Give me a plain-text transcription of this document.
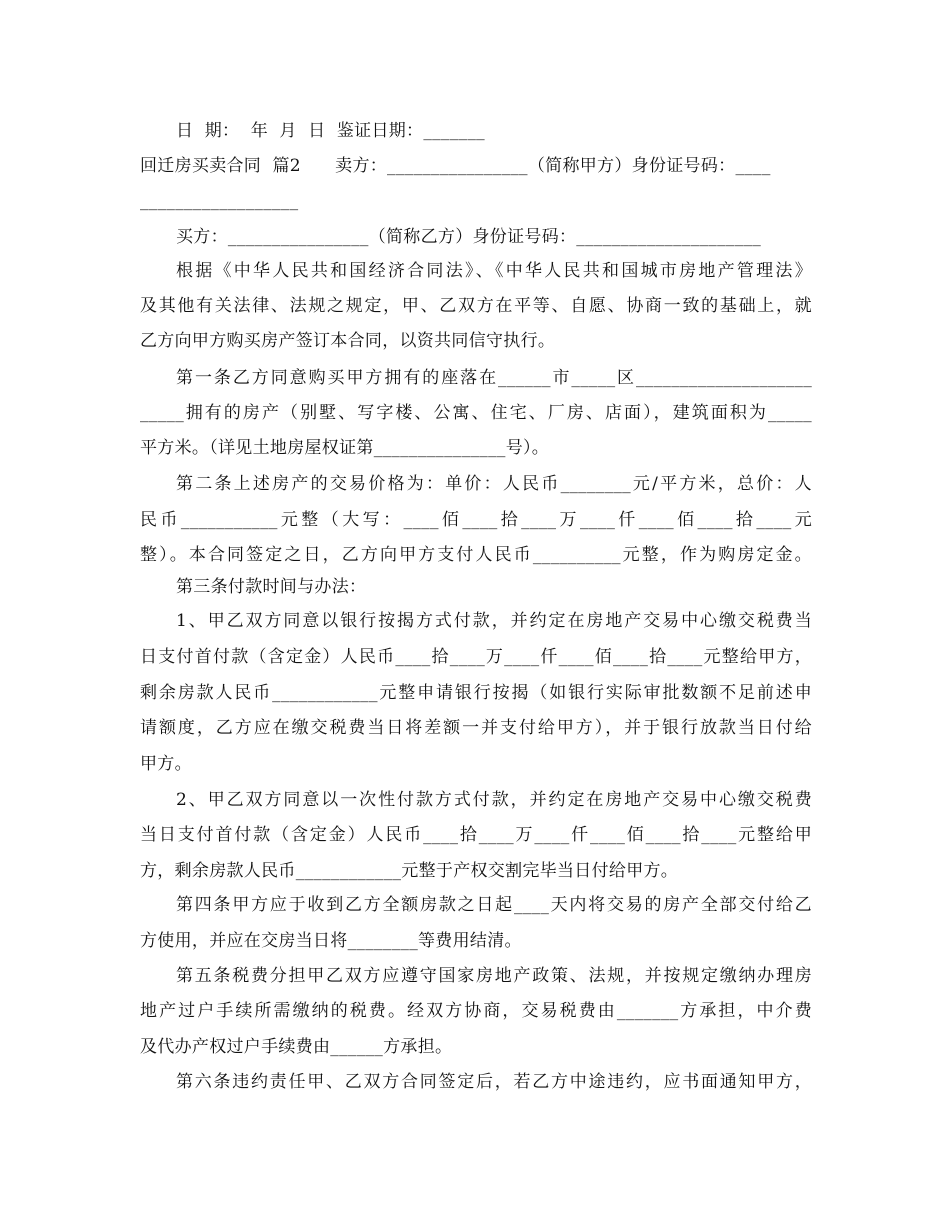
日  期：  年  月  日  鉴证日期：_______
回迁房买卖合同  篇2      卖方：________________（简称甲方）身份证号码：____
__________________
买方：________________（简称乙方）身份证号码：_____________________
根据《中华人民共和国经济合同法》、《中华人民共和国城市房地产管理法》
及其他有关法律、法规之规定，甲、乙双方在平等、自愿、协商一致的基础上，就
乙方向甲方购买房产签订本合同，以资共同信守执行。
第一条乙方同意购买甲方拥有的座落在______市_____区____________________
_____拥有的房产（别墅、写字楼、公寓、住宅、厂房、店面），建筑面积为_____
平方米。（详见土地房屋权证第_______________号）。
第二条上述房产的交易价格为：单价：人民币________元/平方米，总价：人
民币___________元整（大写：____佰____拾____万____仟____佰____拾____元
整）。本合同签定之日，乙方向甲方支付人民币__________元整，作为购房定金。
第三条付款时间与办法：
1、甲乙双方同意以银行按揭方式付款，并约定在房地产交易中心缴交税费当
日支付首付款（含定金）人民币____拾____万____仟____佰____拾____元整给甲方，
剩余房款人民币____________元整申请银行按揭（如银行实际审批数额不足前述申
请额度，乙方应在缴交税费当日将差额一并支付给甲方），并于银行放款当日付给
甲方。
2、甲乙双方同意以一次性付款方式付款，并约定在房地产交易中心缴交税费
当日支付首付款（含定金）人民币____拾____万____仟____佰____拾____元整给甲
方，剩余房款人民币____________元整于产权交割完毕当日付给甲方。
第四条甲方应于收到乙方全额房款之日起____天内将交易的房产全部交付给乙
方使用，并应在交房当日将________等费用结清。
第五条税费分担甲乙双方应遵守国家房地产政策、法规，并按规定缴纳办理房
地产过户手续所需缴纳的税费。经双方协商，交易税费由_______方承担，中介费
及代办产权过户手续费由______方承担。
第六条违约责任甲、乙双方合同签定后，若乙方中途违约，应书面通知甲方，
